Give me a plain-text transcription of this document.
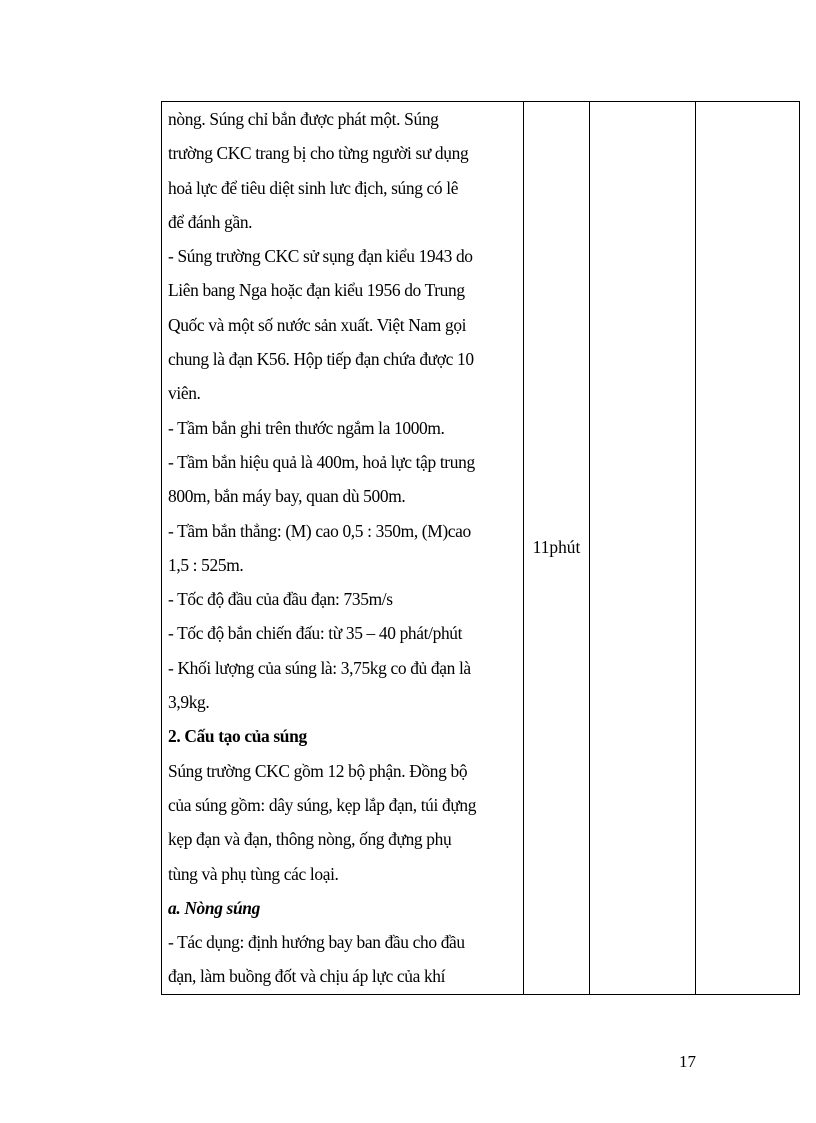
nòng. Súng chỉ bắn được phát một. Súng
trường CKC trang bị cho từng người sư dụng
hoả lực để tiêu diệt sinh lưc địch, súng có lê
để đánh gần.
- Súng trường CKC sử sụng đạn kiểu 1943 do
Liên bang Nga hoặc đạn kiểu 1956 do Trung
Quốc và một số nước sản xuất. Việt Nam gọi
chung là đạn K56. Hộp tiếp đạn chứa được 10
viên.
- Tầm bắn ghi trên thước ngắm la 1000m.
- Tầm bắn hiệu quả là 400m, hoả lực tập trung
800m, bắn máy bay, quan dù 500m.
- Tầm bắn thẳng: (M) cao 0,5 : 350m, (M)cao
1,5 : 525m.
- Tốc độ đầu của đầu đạn: 735m/s
- Tốc độ bắn chiến đấu: từ 35 – 40 phát/phút
- Khối lượng của súng là: 3,75kg co đủ đạn là
3,9kg.
2. Cấu tạo của súng
Súng trường CKC gồm 12 bộ phận. Đồng bộ
của súng gồm: dây súng, kẹp lắp đạn, túi đựng
kẹp đạn và đạn, thông nòng, ống đựng phụ
tùng và phụ tùng các loại.
a. Nòng súng
- Tác dụng: định hướng bay ban đầu cho đầu
đạn, làm buồng đốt và chịu áp lực của khí
	11phút		
17
